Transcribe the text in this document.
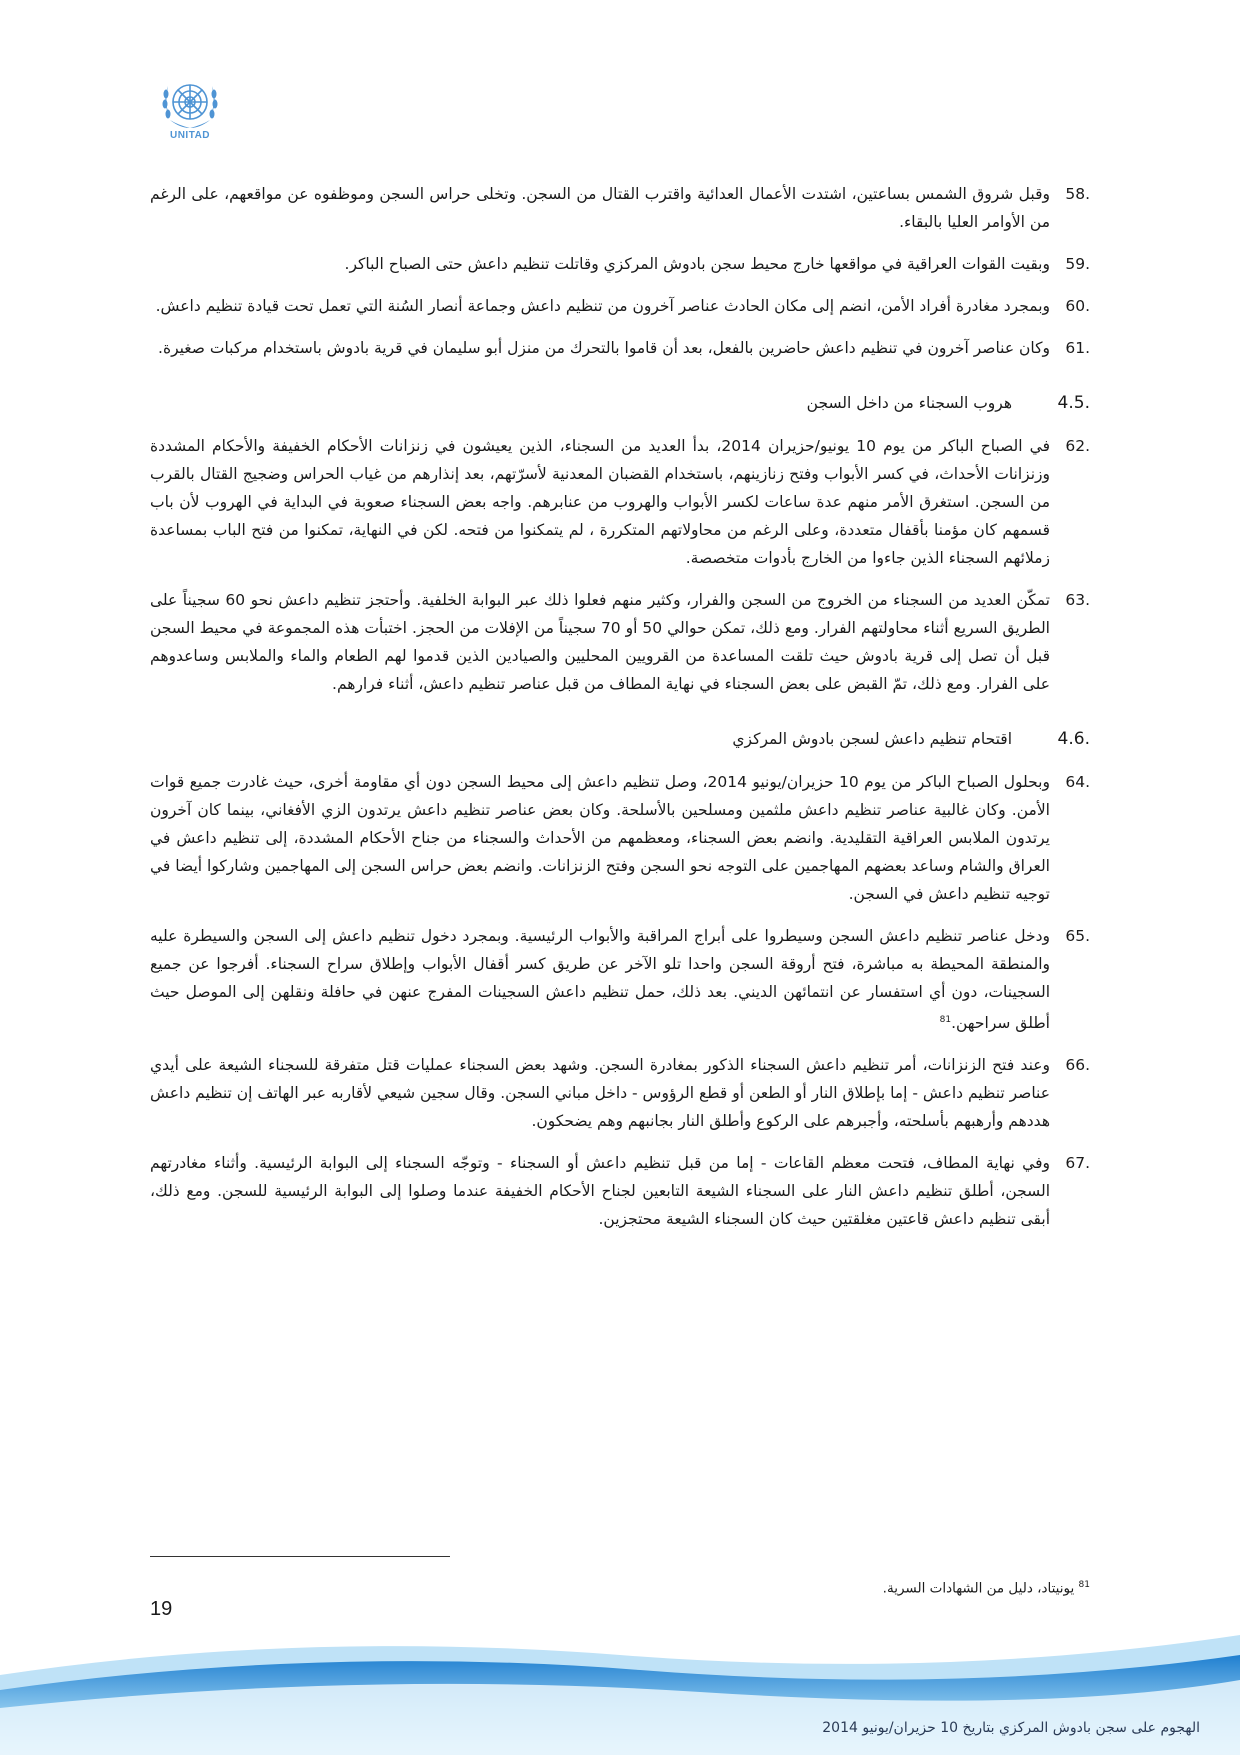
UNITAD
.58
وقبل شروق الشمس بساعتين، اشتدت الأعمال العدائية واقترب القتال من السجن. وتخلى حراس السجن وموظفوه عن مواقعهم، على الرغم من الأوامر العليا بالبقاء.
.59
وبقيت القوات العراقية في مواقعها خارج محيط سجن بادوش المركزي وقاتلت تنظيم داعش حتى الصباح الباكر.
.60
وبمجرد مغادرة أفراد الأمن، انضم إلى مكان الحادث عناصر آخرون من تنظيم داعش وجماعة أنصار السُنة التي تعمل تحت قيادة تنظيم داعش.
.61
وكان عناصر آخرون في تنظيم داعش حاضرين بالفعل، بعد أن قاموا بالتحرك من منزل أبو سليمان في قرية بادوش باستخدام مركبات صغيرة.
.4.5
هروب السجناء من داخل السجن
.62
في الصباح الباكر من يوم 10 يونيو/حزيران 2014، بدأ العديد من السجناء، الذين يعيشون في زنزانات الأحكام الخفيفة والأحكام المشددة وزنزانات الأحداث، في كسر الأبواب وفتح زنازينهم، باستخدام القضبان المعدنية لأسرّتهم، بعد إنذارهم من غياب الحراس وضجيج القتال بالقرب من السجن. استغرق الأمر منهم عدة ساعات لكسر الأبواب والهروب من عنابرهم. واجه بعض السجناء صعوبة في البداية في الهروب لأن باب قسمهم كان مؤمنا بأقفال متعددة، وعلى الرغم من محاولاتهم المتكررة ، لم يتمكنوا من فتحه. لكن في النهاية، تمكنوا من فتح الباب بمساعدة زملائهم السجناء الذين جاءوا من الخارج بأدوات متخصصة.
.63
تمكّن العديد من السجناء من الخروج من السجن والفرار، وكثير منهم فعلوا ذلك عبر البوابة الخلفية. وأحتجز تنظيم داعش نحو 60 سجيناً على الطريق السريع أثناء محاولتهم الفرار. ومع ذلك، تمكن حوالي 50 أو 70 سجيناً من الإفلات من الحجز. اختبأت هذه المجموعة في محيط السجن قبل أن تصل إلى قرية بادوش حيث تلقت المساعدة من القرويين المحليين والصيادين الذين قدموا لهم الطعام والماء والملابس وساعدوهم على الفرار. ومع ذلك، تمّ القبض على بعض السجناء في نهاية المطاف من قبل عناصر تنظيم داعش، أثناء فرارهم.
.4.6
اقتحام تنظيم داعش لسجن بادوش المركزي
.64
وبحلول الصباح الباكر من يوم 10 حزيران/يونيو 2014، وصل تنظيم داعش إلى محيط السجن دون أي مقاومة أخرى، حيث غادرت جميع قوات الأمن. وكان غالبية عناصر تنظيم داعش ملثمين ومسلحين بالأسلحة. وكان بعض عناصر تنظيم داعش يرتدون الزي الأفغاني، بينما كان آخرون يرتدون الملابس العراقية التقليدية. وانضم بعض السجناء، ومعظمهم من الأحداث والسجناء من جناح الأحكام المشددة، إلى تنظيم داعش في العراق والشام وساعد بعضهم المهاجمين على التوجه نحو السجن وفتح الزنزانات. وانضم بعض حراس السجن إلى المهاجمين وشاركوا أيضا في توجيه تنظيم داعش في السجن.
.65
ودخل عناصر تنظيم داعش السجن وسيطروا على أبراج المراقبة والأبواب الرئيسية. وبمجرد دخول تنظيم داعش إلى السجن والسيطرة عليه والمنطقة المحيطة به مباشرة، فتح أروقة السجن واحدا تلو الآخر عن طريق كسر أقفال الأبواب وإطلاق سراح السجناء. أفرجوا عن جميع السجينات، دون أي استفسار عن انتمائهن الديني. بعد ذلك، حمل تنظيم داعش السجينات المفرج عنهن في حافلة ونقلهن إلى الموصل حيث أطلق سراحهن.$^{81}$
.66
وعند فتح الزنزانات، أمر تنظيم داعش السجناء الذكور بمغادرة السجن. وشهد بعض السجناء عمليات قتل متفرقة للسجناء الشيعة على أيدي عناصر تنظيم داعش - إما بإطلاق النار أو الطعن أو قطع الرؤوس - داخل مباني السجن. وقال سجين شيعي لأقاربه عبر الهاتف إن تنظيم داعش هددهم وأرهبهم بأسلحته، وأجبرهم على الركوع وأطلق النار بجانبهم وهم يضحكون.
.67
وفي نهاية المطاف، فتحت معظم القاعات - إما من قبل تنظيم داعش أو السجناء - وتوجّه السجناء إلى البوابة الرئيسية. وأثناء مغادرتهم السجن، أطلق تنظيم داعش النار على السجناء الشيعة التابعين لجناح الأحكام الخفيفة عندما وصلوا إلى البوابة الرئيسية للسجن. ومع ذلك، أبقى تنظيم داعش قاعتين مغلقتين حيث كان السجناء الشيعة محتجزين.
$^{81}$ يونيتاد، دليل من الشهادات السرية.
19
الهجوم على سجن بادوش المركزي بتاريخ 10 حزيران/يونيو 2014
